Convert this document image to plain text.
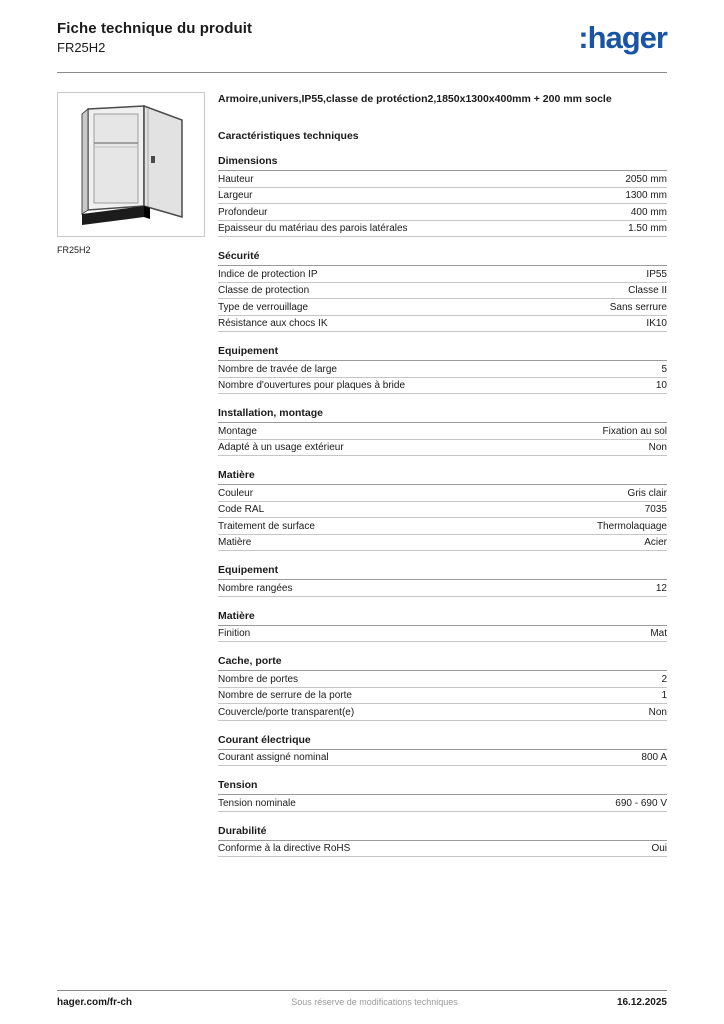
Fiche technique du produit
FR25H2	:hager
FR25H2
Armoire,univers,IP55,classe de protéction2,1850x1300x400mm + 200 mm socle
Caractéristiques techniques
Dimensions
Hauteur	2050 mm
Largeur	1300 mm
Profondeur	400 mm
Epaisseur du matériau des parois latérales	1.50 mm
Sécurité
Indice de protection IP	IP55
Classe de protection	Classe II
Type de verrouillage	Sans serrure
Résistance aux chocs IK	IK10
Equipement
Nombre de travée de large	5
Nombre d'ouvertures pour plaques à bride	10
Installation, montage
Montage	Fixation au sol
Adapté à un usage extérieur	Non
Matière
Couleur	Gris clair
Code RAL	7035
Traitement de surface	Thermolaquage
Matière	Acier
Equipement
Nombre rangées	12
Matière
Finition	Mat
Cache, porte
Nombre de portes	2
Nombre de serrure de la porte	1
Couvercle/porte transparent(e)	Non
Courant électrique
Courant assigné nominal	800 A
Tension
Tension nominale	690 - 690 V
Durabilité
Conforme à la directive RoHS	Oui
hager.com/fr-ch	Sous réserve de modifications techniques	16.12.2025
